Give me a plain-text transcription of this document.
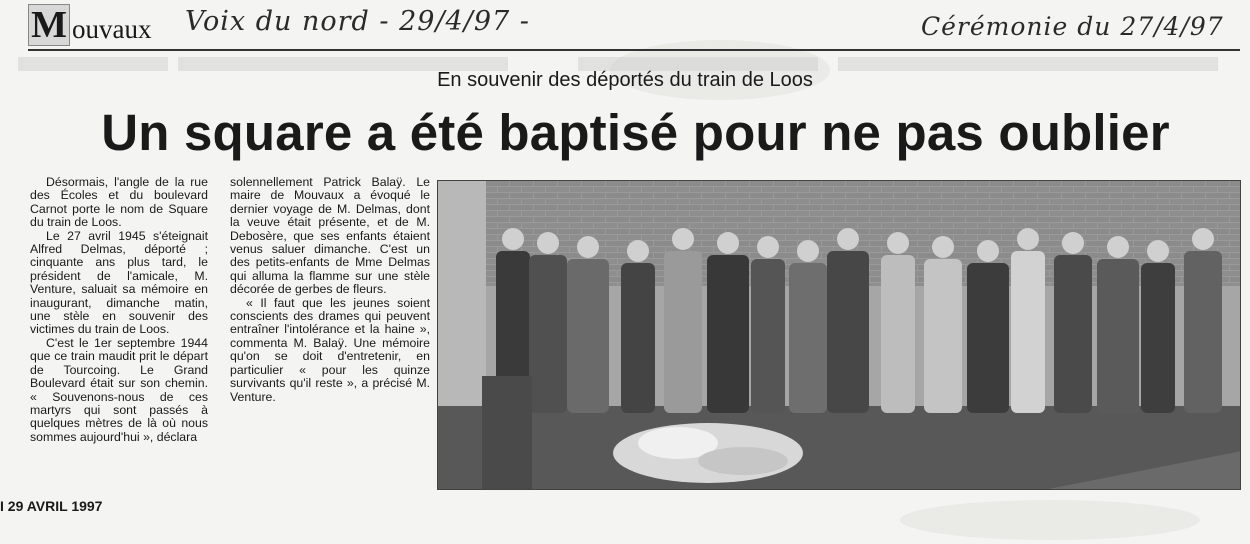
M ouvaux Voix du nord - 29/4/97 -	Cérémonie du 27/4/97
En souvenir des déportés du train de Loos
Un square a été baptisé pour ne pas oublier

Désormais, l'angle de la rue des Écoles et du boulevard Carnot porte le nom de Square du train de Loos.

Le 27 avril 1945 s'éteignait Alfred Delmas, déporté ; cinquante ans plus tard, le président de l'amicale, M. Venture, saluait sa mémoire en inaugurant, dimanche matin, une stèle en souvenir des victimes du train de Loos.

C'est le 1er septembre 1944 que ce train maudit prit le départ de Tourcoing. Le Grand Boulevard était sur son chemin. « Souvenons-nous de ces martyrs qui sont passés à quelques mètres de là où nous sommes aujourd'hui », déclara

solennellement Patrick Balaÿ. Le maire de Mouvaux a évoqué le dernier voyage de M. Delmas, dont la veuve était présente, et de M. Debosère, que ses enfants étaient venus saluer dimanche. C'est un des petits-enfants de Mme Delmas qui alluma la flamme sur une stèle décorée de gerbes de fleurs.

« Il faut que les jeunes soient conscients des drames qui peuvent entraîner l'intolérance et la haine », commenta M. Balaÿ. Une mémoire qu'on se doit d'entretenir, en particulier « pour les quinze survivants qu'il reste », a précisé M. Venture.

I 29 AVRIL 1997
